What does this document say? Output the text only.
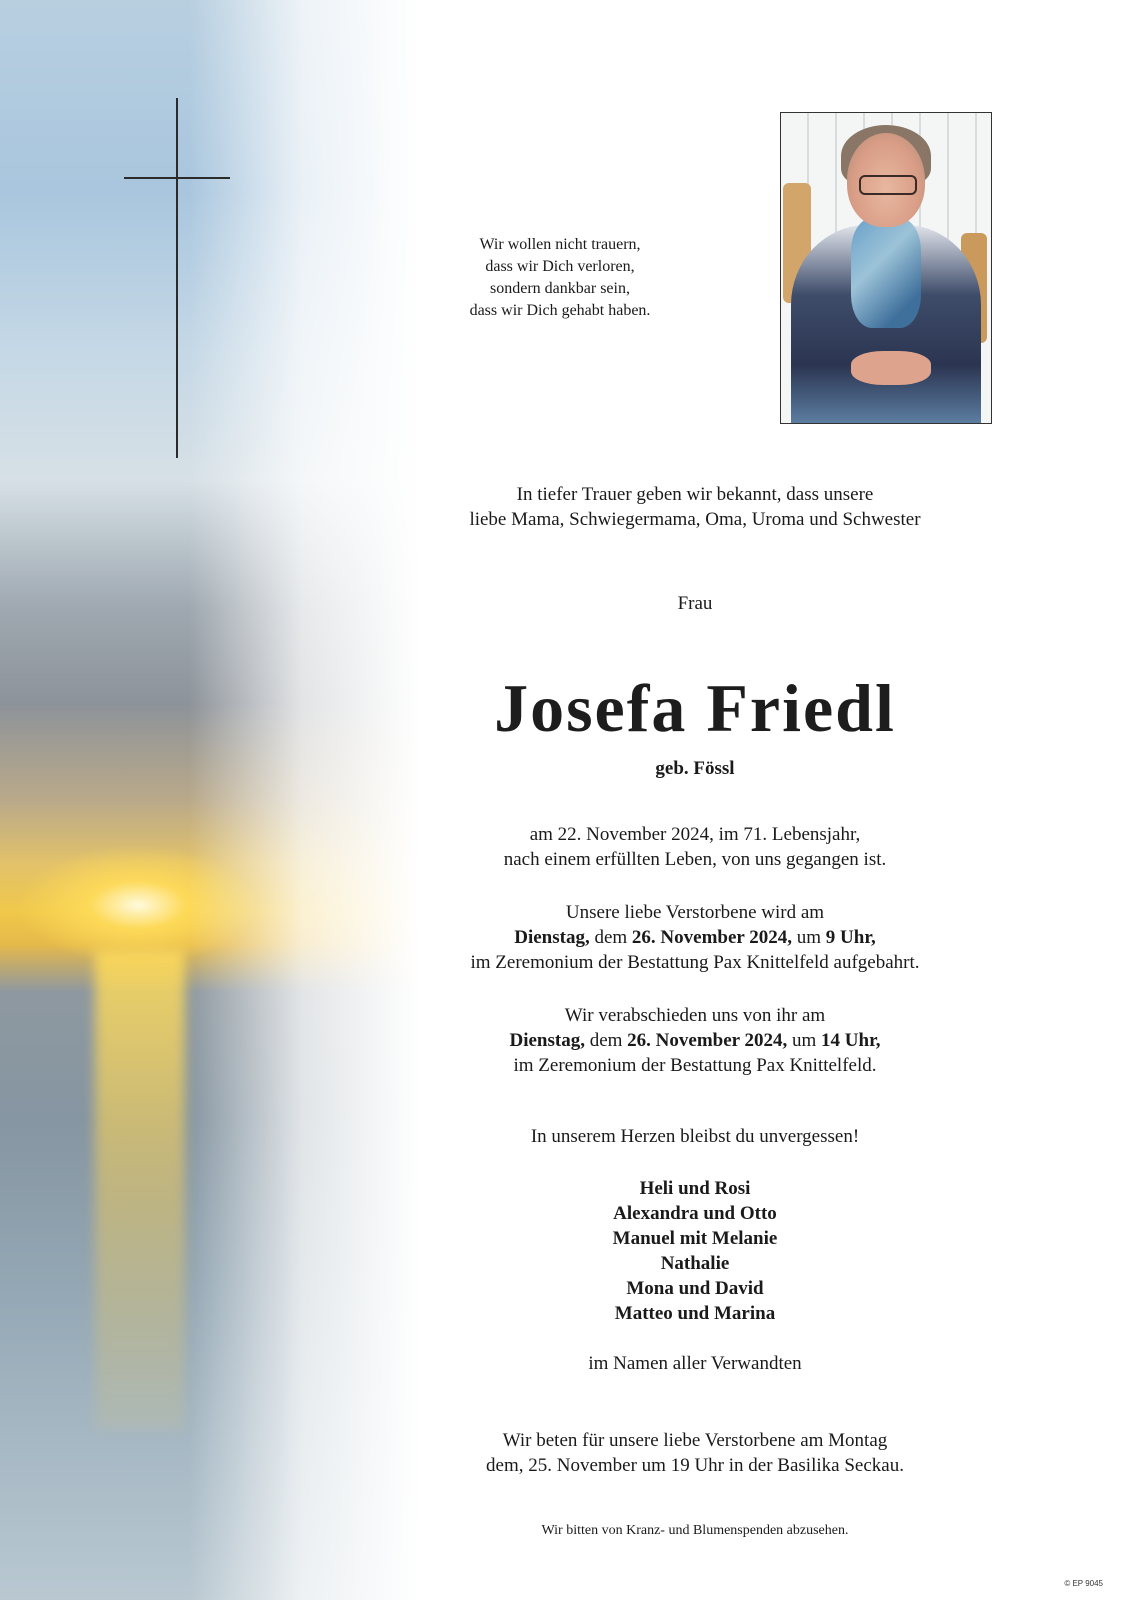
Wir wollen nicht trauern,
dass wir Dich verloren,
sondern dankbar sein,
dass wir Dich gehabt haben.
In tiefer Trauer geben wir bekannt, dass unsere
liebe Mama, Schwiegermama, Oma, Uroma und Schwester
Frau
Josefa Friedl
geb. Fössl
am 22. November 2024, im 71. Lebensjahr,
nach einem erfüllten Leben, von uns gegangen ist.
Unsere liebe Verstorbene wird am
Dienstag, dem 26. November 2024, um 9 Uhr,
im Zeremonium der Bestattung Pax Knittelfeld aufgebahrt.
Wir verabschieden uns von ihr am
Dienstag, dem 26. November 2024, um 14 Uhr,
im Zeremonium der Bestattung Pax Knittelfeld.
In unserem Herzen bleibst du unvergessen!
Heli und Rosi
Alexandra und Otto
Manuel mit Melanie
Nathalie
Mona und David
Matteo und Marina
im Namen aller Verwandten
Wir beten für unsere liebe Verstorbene am Montag
dem, 25. November um 19 Uhr in der Basilika Seckau.
Wir bitten von Kranz- und Blumenspenden abzusehen.
© EP 9045
